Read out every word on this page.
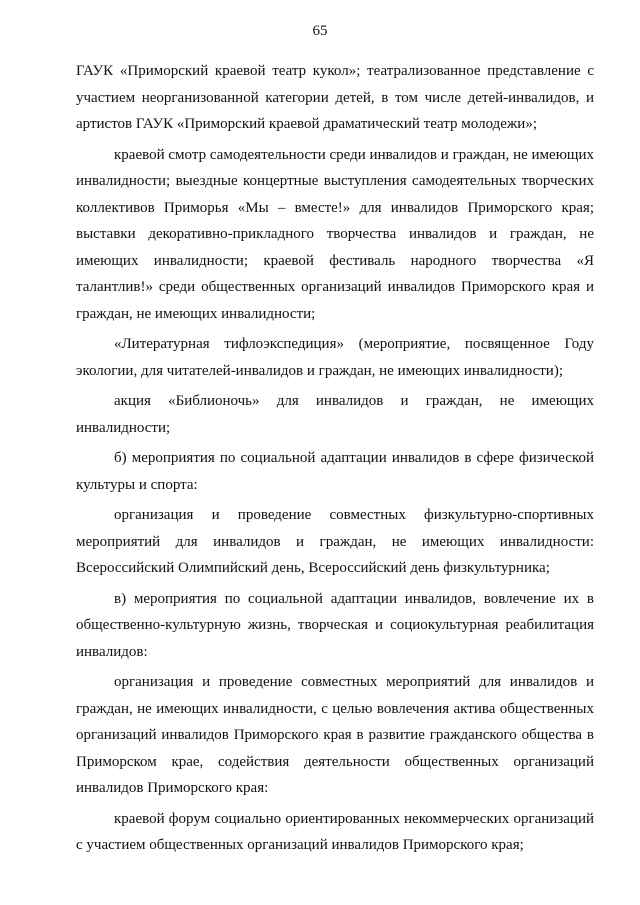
65

ГАУК «Приморский краевой театр кукол»; театрализованное представление с участием неорганизованной категории детей, в том числе детей-инвалидов, и артистов ГАУК «Приморский краевой драматический театр молодежи»;

краевой смотр самодеятельности среди инвалидов и граждан, не имеющих инвалидности; выездные концертные выступления самодеятельных творческих коллективов Приморья «Мы – вместе!» для инвалидов Приморского края; выставки декоративно-прикладного творчества инвалидов и граждан, не имеющих инвалидности; краевой фестиваль народного творчества «Я талантлив!» среди общественных организаций инвалидов Приморского края и граждан, не имеющих инвалидности;

«Литературная тифлоэкспедиция» (мероприятие, посвященное Году экологии, для читателей-инвалидов и граждан, не имеющих инвалидности);

акция «Библионочь» для инвалидов и граждан, не имеющих инвалидности;

б) мероприятия по социальной адаптации инвалидов в сфере физической культуры и спорта:

организация и проведение совместных физкультурно-спортивных мероприятий для инвалидов и граждан, не имеющих инвалидности: Всероссийский Олимпийский день, Всероссийский день физкультурника;

в) мероприятия по социальной адаптации инвалидов, вовлечение их в общественно-культурную жизнь, творческая и социокультурная реабилитация инвалидов:

организация и проведение совместных мероприятий для инвалидов и граждан, не имеющих инвалидности, с целью вовлечения актива общественных организаций инвалидов Приморского края в развитие гражданского общества в Приморском крае, содействия деятельности общественных организаций инвалидов Приморского края:

краевой форум социально ориентированных некоммерческих организаций с участием общественных организаций инвалидов Приморского края;
